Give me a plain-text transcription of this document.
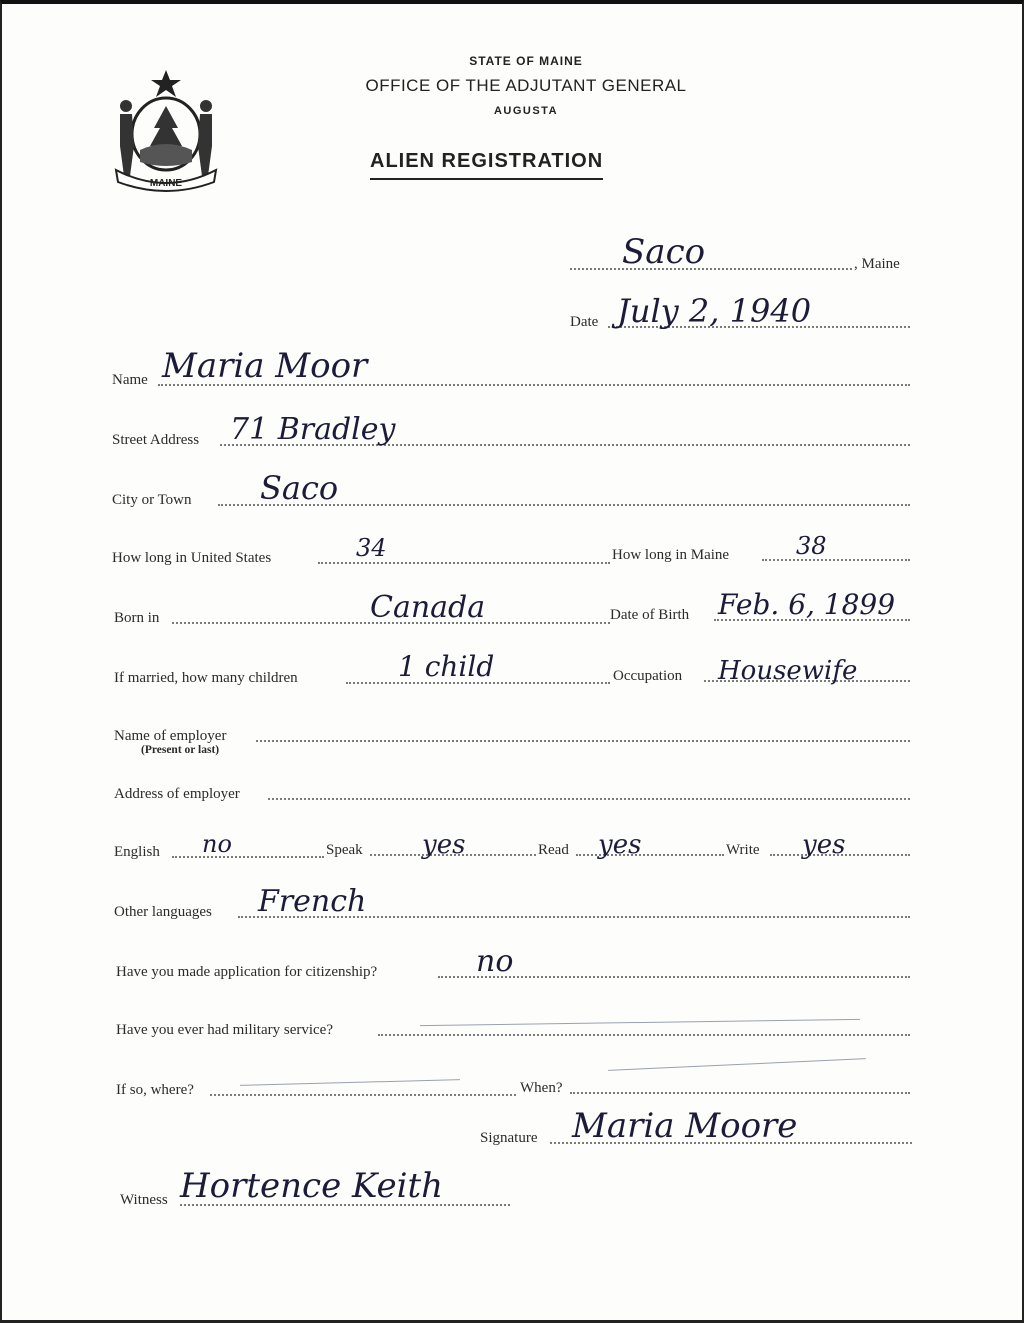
MAINE
STATE OF MAINE
OFFICE OF THE ADJUTANT GENERAL
AUGUSTA
ALIEN REGISTRATION
Saco	, Maine
Date July 2, 1940
Name Maria Moor
Street Address 71 Bradley
City or Town Saco
How long in United States	34	How long in Maine	38
Born in	Canada	Date of Birth Feb. 6, 1899
If married, how many children	1 child	Occupation Housewife
Name of employer
(Present or last)
Address of employer
English no	Speak yes	Read yes	Write yes
Other languages French
Have you made application for citizenship?	no
Have you ever had military service?
If so, where?	When?
Signature Maria Moore
Witness Hortence Keith
